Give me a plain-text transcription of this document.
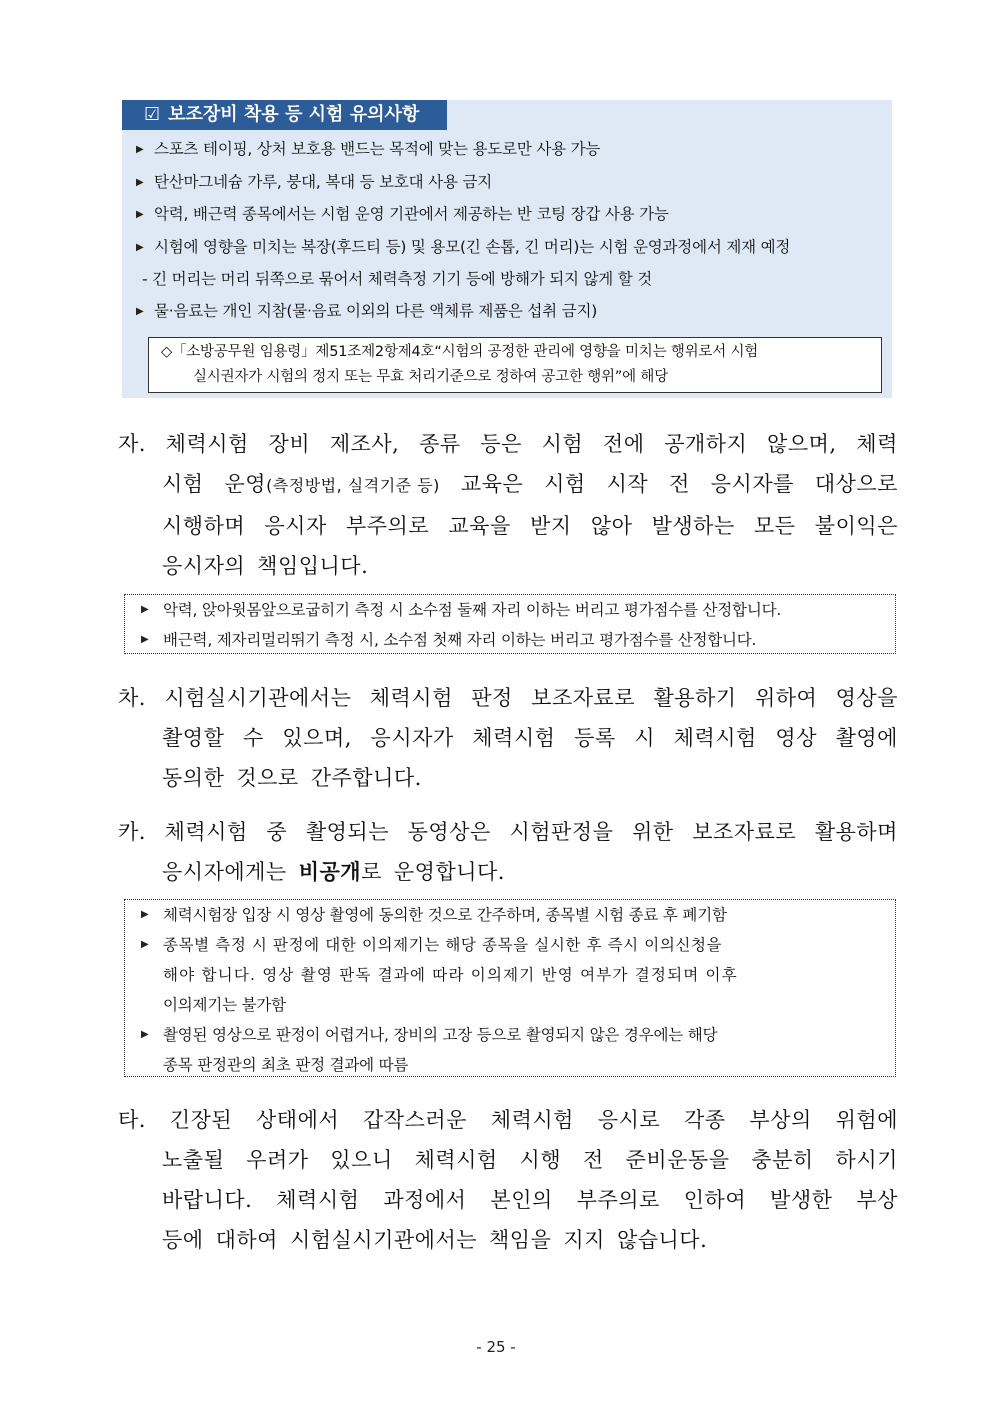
☑ 보조장비 착용 등 시험 유의사항
▶ 스포츠 테이핑, 상처 보호용 밴드는 목적에 맞는 용도로만 사용 가능
▶ 탄산마그네슘 가루, 붕대, 복대 등 보호대 사용 금지
▶ 악력, 배근력 종목에서는 시험 운영 기관에서 제공하는 반 코팅 장갑 사용 가능
▶ 시험에 영향을 미치는 복장(후드티 등) 및 용모(긴 손톱, 긴 머리)는 시험 운영과정에서 제재 예정
- 긴 머리는 머리 뒤쪽으로 묶어서 체력측정 기기 등에 방해가 되지 않게 할 것
▶ 물·음료는 개인 지참(물·음료 이외의 다른 액체류 제품은 섭취 금지)
◇「소방공무원 임용령」제51조제2항제4호“시험의 공정한 관리에 영향을 미치는 행위로서 시험
실시권자가 시험의 정지 또는 무효 처리기준으로 정하여 공고한 행위”에 해당
자. 체력시험 장비 제조사, 종류 등은 시험 전에 공개하지 않으며, 체력
시험 운영(측정방법, 실격기준 등) 교육은 시험 시작 전 응시자를 대상으로
시행하며 응시자 부주의로 교육을 받지 않아 발생하는 모든 불이익은
응시자의 책임입니다.
▶ 악력, 앉아윗몸앞으로굽히기 측정 시 소수점 둘째 자리 이하는 버리고 평가점수를 산정합니다.
▶ 배근력, 제자리멀리뛰기 측정 시, 소수점 첫째 자리 이하는 버리고 평가점수를 산정합니다.
차. 시험실시기관에서는 체력시험 판정 보조자료로 활용하기 위하여 영상을
촬영할 수 있으며, 응시자가 체력시험 등록 시 체력시험 영상 촬영에
동의한 것으로 간주합니다.
카. 체력시험 중 촬영되는 동영상은 시험판정을 위한 보조자료로 활용하며
응시자에게는 비공개로 운영합니다.
▶ 체력시험장 입장 시 영상 촬영에 동의한 것으로 간주하며, 종목별 시험 종료 후 폐기함
▶ 종목별 측정 시 판정에 대한 이의제기는 해당 종목을 실시한 후 즉시 이의신청을
해야 합니다. 영상 촬영 판독 결과에 따라 이의제기 반영 여부가 결정되며 이후
이의제기는 불가함
▶ 촬영된 영상으로 판정이 어렵거나, 장비의 고장 등으로 촬영되지 않은 경우에는 해당
종목 판정관의 최초 판정 결과에 따름
타. 긴장된 상태에서 갑작스러운 체력시험 응시로 각종 부상의 위험에
노출될 우려가 있으니 체력시험 시행 전 준비운동을 충분히 하시기
바랍니다. 체력시험 과정에서 본인의 부주의로 인하여 발생한 부상
등에 대하여 시험실시기관에서는 책임을 지지 않습니다.
- 25 -
